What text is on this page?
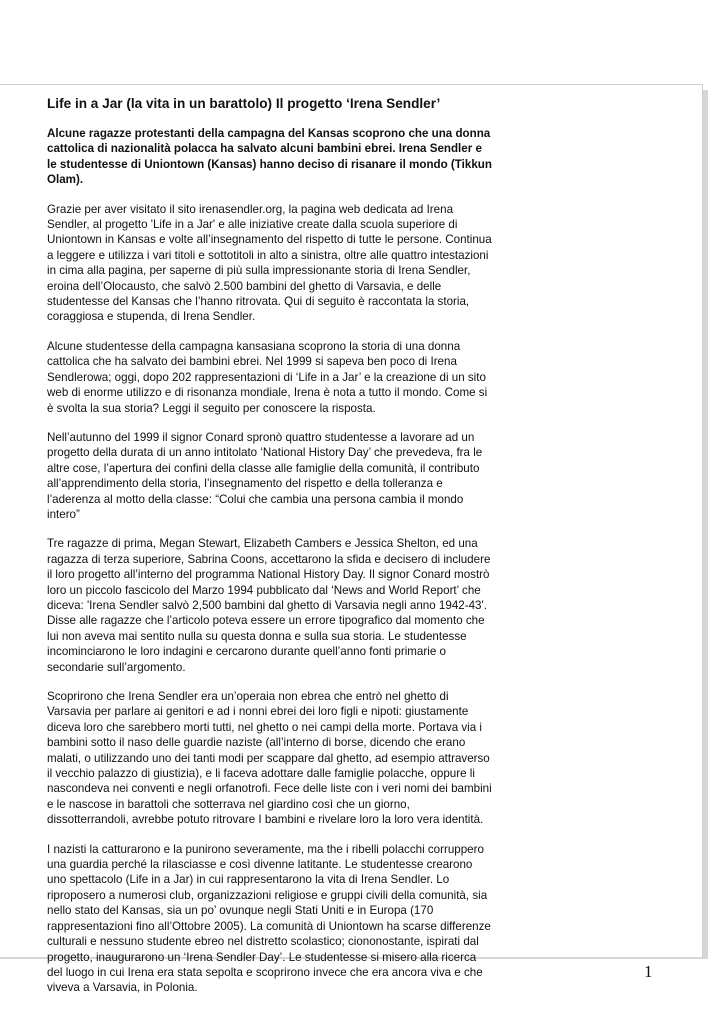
Life in a Jar (la vita in un barattolo) Il progetto ‘Irena Sendler’

Alcune ragazze protestanti della campagna del Kansas scoprono che una donna cattolica di nazionalità polacca ha salvato alcuni bambini ebrei. Irena Sendler e le studentesse di Uniontown (Kansas) hanno deciso di risanare il mondo (Tikkun Olam).

Grazie per aver visitato il sito irenasendler.org, la pagina web dedicata ad Irena Sendler, al progetto 'Life in a Jar' e alle iniziative create dalla scuola superiore di Uniontown in Kansas e volte all’insegnamento del rispetto di tutte le persone. Continua a leggere e utilizza i vari titoli e sottotitoli in alto a sinistra, oltre alle quattro intestazioni in cima alla pagina, per saperne di più sulla impressionante storia di Irena Sendler, eroina dell’Olocausto, che salvò 2.500 bambini del ghetto di Varsavia, e delle studentesse del Kansas che l’hanno ritrovata. Qui di seguito è raccontata la storia, coraggiosa e stupenda, di Irena Sendler.

Alcune studentesse della campagna kansasiana scoprono la storia di una donna cattolica che ha salvato dei bambini ebrei. Nel 1999 si sapeva ben poco di Irena Sendlerowa; oggi, dopo 202 rappresentazioni di ‘Life in a Jar’ e la creazione di un sito web di enorme utilizzo e di risonanza mondiale, Irena è nota a tutto il mondo. Come si è svolta la sua storia? Leggi il seguito per conoscere la risposta.

Nell’autunno del 1999 il signor Conard spronò quattro studentesse a lavorare ad un progetto della durata di un anno intitolato ‘National History Day’ che prevedeva, fra le altre cose, l’apertura dei confini della classe alle famiglie della comunità, il contributo all’apprendimento della storia, l’insegnamento del rispetto e della tolleranza e l’aderenza al motto della classe: “Colui che cambia una persona cambia il mondo intero”

Tre ragazze di prima, Megan Stewart, Elizabeth Cambers e Jessica Shelton, ed una ragazza di terza superiore, Sabrina Coons, accettarono la sfida e decisero di includere il loro progetto all’interno del programma National History Day. Il signor Conard mostrò loro un piccolo fascicolo del Marzo 1994 pubblicato dal ‘News and World Report’ che diceva: 'Irena Sendler salvò 2,500 bambini dal ghetto di Varsavia negli anno 1942-43'. Disse alle ragazze che l’articolo poteva essere un errore tipografico dal momento che lui non aveva mai sentito nulla su questa donna e sulla sua storia. Le studentesse incominciarono le loro indagini e cercarono durante quell’anno fonti primarie o secondarie sull’argomento.

Scoprirono che Irena Sendler era un’operaia non ebrea che entrò nel ghetto di Varsavia per parlare ai genitori e ad i nonni ebrei dei loro figli e nipoti: giustamente diceva loro che sarebbero morti tutti, nel ghetto o nei campi della morte. Portava via i bambini sotto il naso delle guardie naziste (all’interno di borse, dicendo che erano malati, o utilizzando uno dei tanti modi per scappare dal ghetto, ad esempio attraverso il vecchio palazzo di giustizia), e li faceva adottare dalle famiglie polacche, oppure li nascondeva nei conventi e negli orfanotrofi. Fece delle liste con i veri nomi dei bambini e le nascose in barattoli che sotterrava nel giardino così che un giorno, dissotterrandoli, avrebbe potuto ritrovare I bambini e rivelare loro la loro vera identità.

I nazisti la catturarono e la punirono severamente, ma the i ribelli polacchi corruppero una guardia perché la rilasciasse e così divenne latitante. Le studentesse crearono uno spettacolo (Life in a Jar) in cui rappresentarono la vita di Irena Sendler. Lo riproposero a numerosi club, organizzazioni religiose e gruppi civili della comunità, sia nello stato del Kansas, sia un po’ ovunque negli Stati Uniti e in Europa (170 rappresentazioni fino all’Ottobre 2005). La comunità di Uniontown ha scarse differenze culturali e nessuno studente ebreo nel distretto scolastico; ciononostante, ispirati dal progetto, inaugurarono un ‘Irena Sendler Day’. Le studentesse si misero alla ricerca del luogo in cui Irena era stata sepolta e scoprirono invece che era ancora viva e che viveva a Varsavia, in Polonia.

1
